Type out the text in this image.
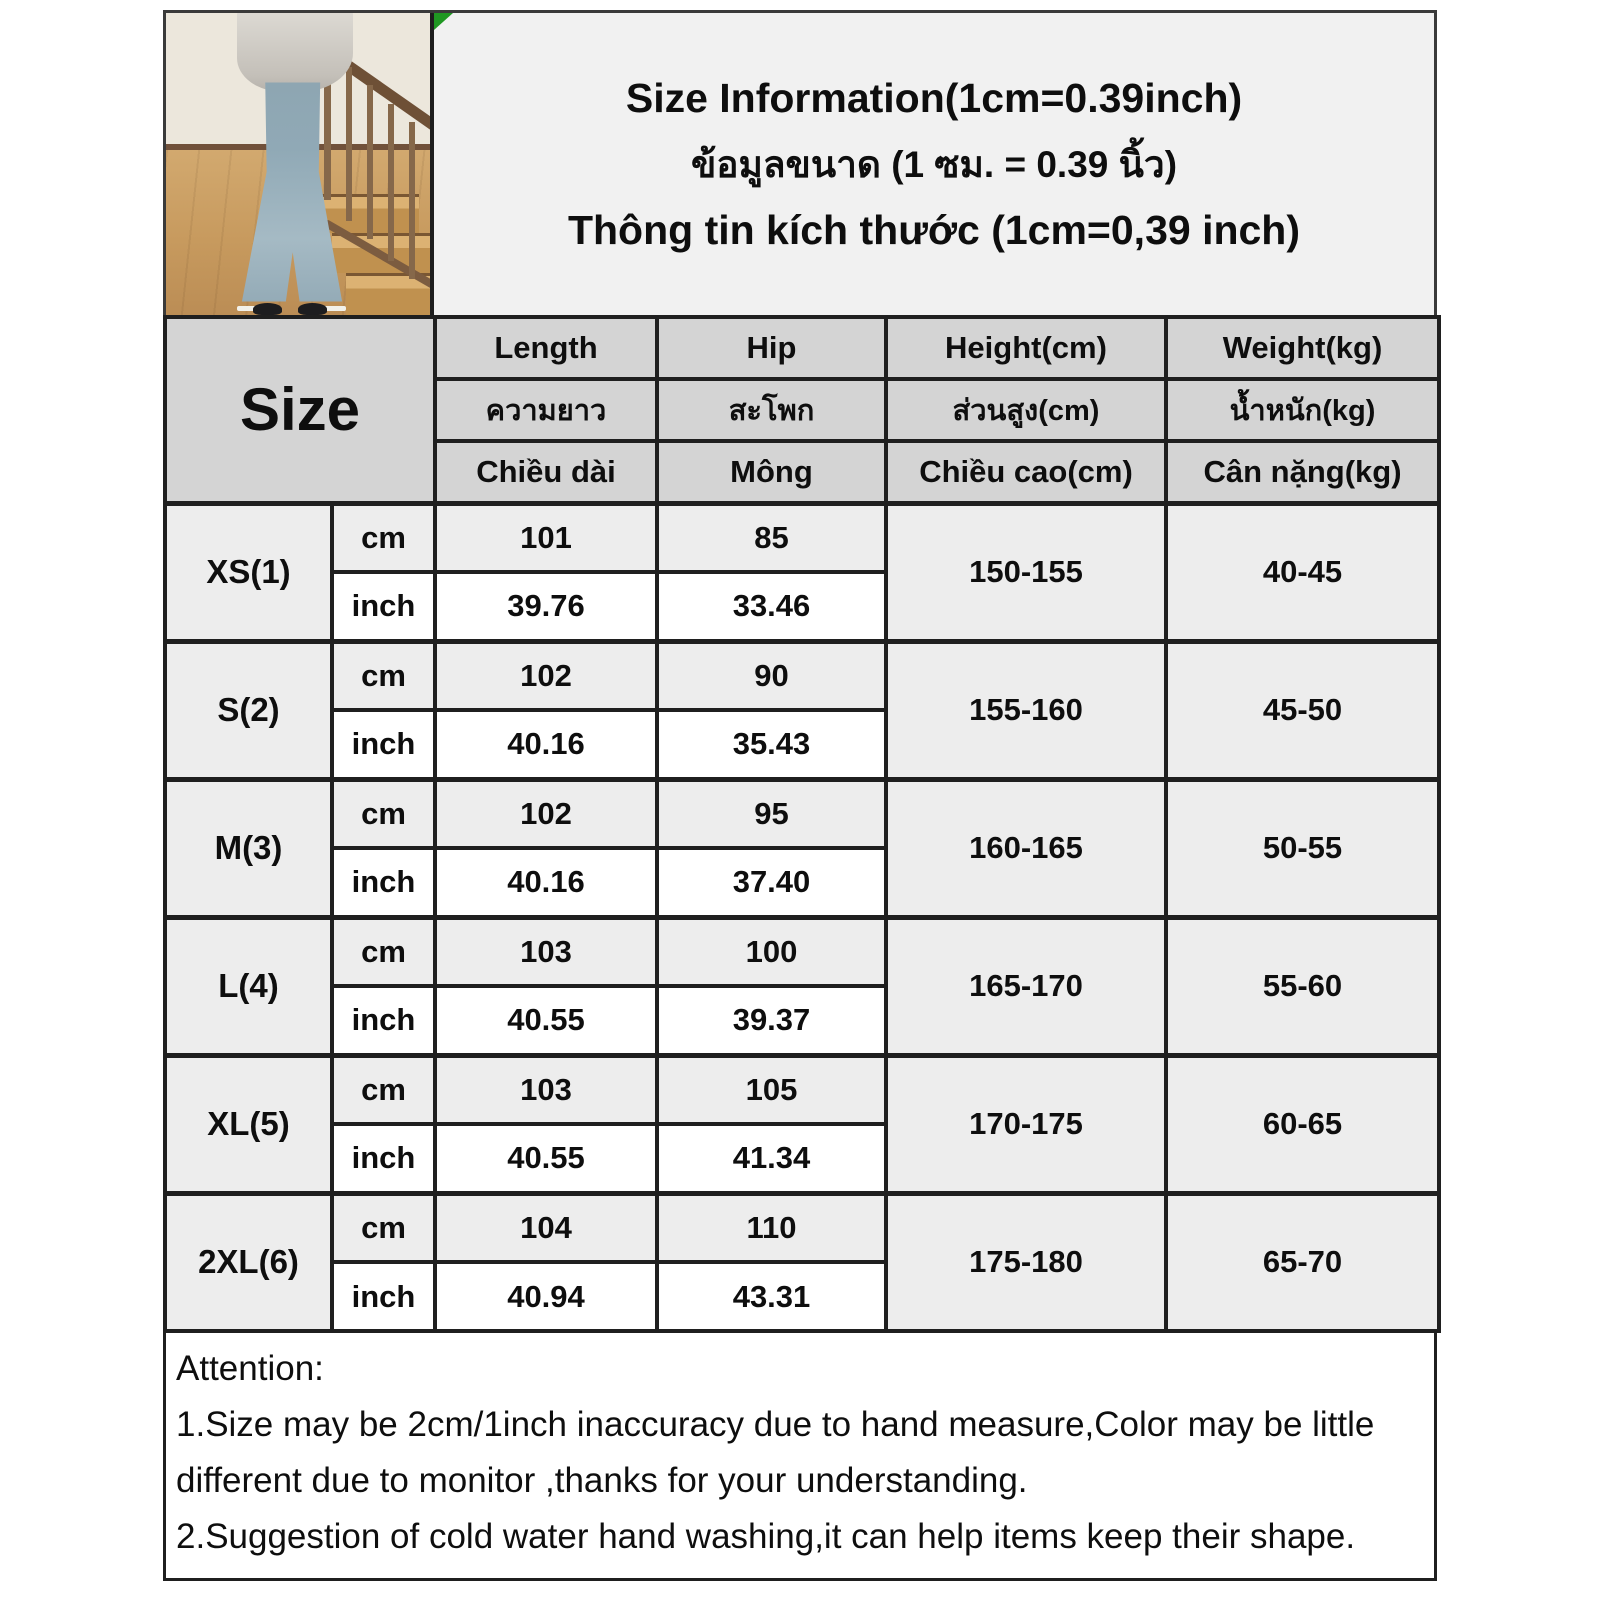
Size Information(1cm=0.39inch)
ข้อมูลขนาด (1 ซม. = 0.39 นิ้ว)
Thông tin kích thước (1cm=0,39 inch)
Size		Length	Hip	Height(cm)	Weight(kg)
		ความยาว	สะโพก	ส่วนสูง(cm)	น้ำหนัก(kg)
		Chiều dài	Mông	Chiều cao(cm)	Cân nặng(kg)
XS(1)	cm	101	85	150-155	40-45
	inch	39.76	33.46		
S(2)	cm	102	90	155-160	45-50
	inch	40.16	35.43		
M(3)	cm	102	95	160-165	50-55
	inch	40.16	37.40		
L(4)	cm	103	100	165-170	55-60
	inch	40.55	39.37		
XL(5)	cm	103	105	170-175	60-65
	inch	40.55	41.34		
2XL(6)	cm	104	110	175-180	65-70
	inch	40.94	43.31		
Attention:
1.Size may be 2cm/1inch inaccuracy due to hand measure,Color may be little
different due to monitor ,thanks for your understanding.
2.Suggestion of cold water hand washing,it can help items keep their shape.
